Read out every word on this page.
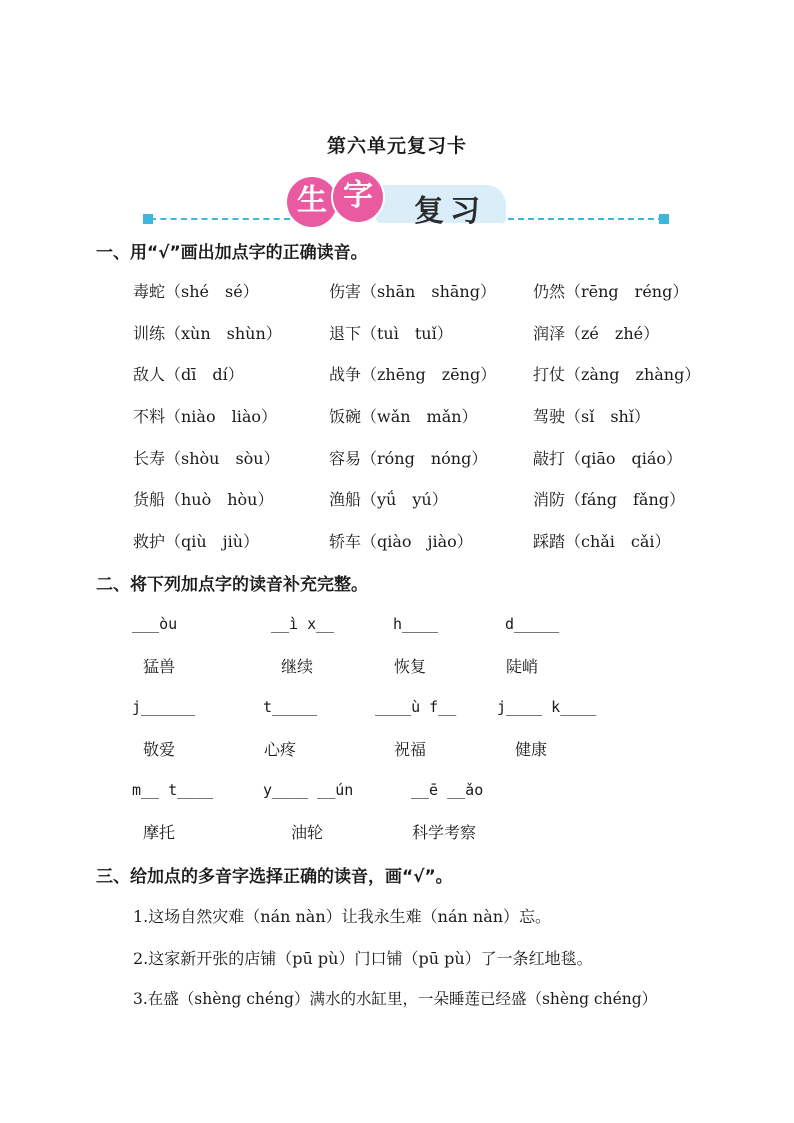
第六单元复习卡
复习
生 字
一、用“√”画出加点字的正确读音。
毒蛇（shé　sé）	伤害（shān　shāng） 仍然（rēng　réng）
训练（xùn　shùn）	退下（tuì　tuǐ）	润泽（zé　zhé）
敌人（dī　dí）	战争（zhēng　zēng） 打仗（zàng　zhàng）
不料（niào　liào）	饭碗（wǎn　mǎn）	驾驶（sǐ　shǐ）
长寿（shòu　sòu）	容易（róng　nóng）	敲打（qiāo　qiáo）
货船（huò　hòu）	渔船（yǘ　yú）	消防（fáng　fǎng）
救护（qiù　jiù）	轿车（qiào　jiào）	踩踏（chǎi　cǎi）
二、将下列加点字的读音补充完整。
___òu	__ì x__	h____	d_____
猛兽	继续	恢复	陡峭
j______	t_____	____ù f__	j____ k____
敬爱	心疼	祝福	健康
m__ t____	y____ __ún	__ē __ǎo
摩托	油轮	科学考察
三、给加点的多音字选择正确的读音，画“√”。
1.这场自然灾难（nán nàn）让我永生难（nán nàn）忘。
2.这家新开张的店铺（pū pù）门口铺（pū pù）了一条红地毯。
3.在盛（shèng chéng）满水的水缸里，一朵睡莲已经盛（shèng chéng）
